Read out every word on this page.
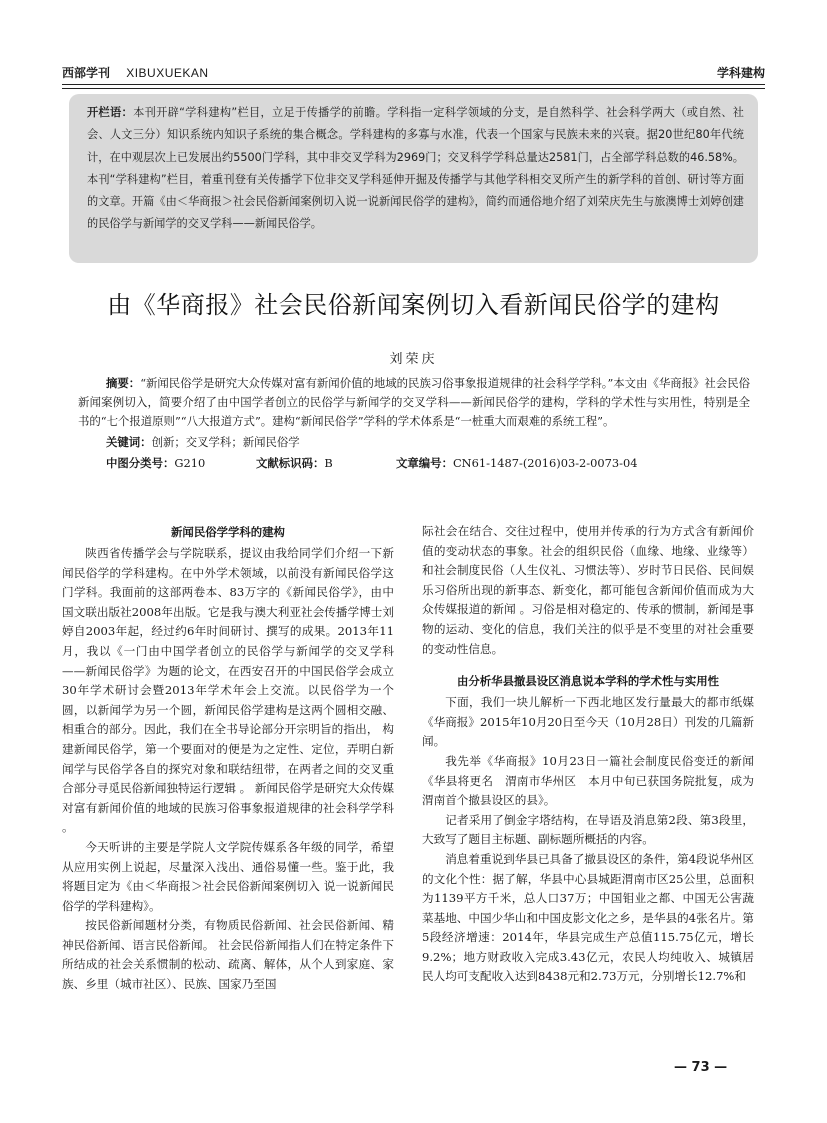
西部学刊 XIBUXUEKAN	学科建构
开栏语：本刊开辟“学科建构”栏目，立足于传播学的前瞻。学科指一定科学领域的分支，是自然科学、社会科学两大（或自然、社会、人文三分）知识系统内知识子系统的集合概念。学科建构的多寡与水准，代表一个国家与民族未来的兴衰。据20世纪80年代统计，在中观层次上已发展出约5500门学科，其中非交叉学科为2969门；交叉科学学科总量达2581门，占全部学科总数的46.58%。本刊“学科建构”栏目，着重刊登有关传播学下位非交叉学科延伸开掘及传播学与其他学科相交叉所产生的新学科的首创、研讨等方面的文章。开篇《由＜华商报＞社会民俗新闻案例切入说一说新闻民俗学的建构》，简约而通俗地介绍了刘荣庆先生与旅澳博士刘婷创建的民俗学与新闻学的交叉学科——新闻民俗学。
由《华商报》社会民俗新闻案例切入看新闻民俗学的建构
刘荣庆
摘要：“新闻民俗学是研究大众传媒对富有新闻价值的地域的民族习俗事象报道规律的社会科学学科。”本文由《华商报》社会民俗新闻案例切入，简要介绍了由中国学者创立的民俗学与新闻学的交叉学科——新闻民俗学的建构，学科的学术性与实用性，特别是全书的“七个报道原则”“八大报道方式”。建构“新闻民俗学”学科的学术体系是“一桩重大而艰难的系统工程”。
关键词：创新；交叉学科；新闻民俗学
中图分类号：G210	文献标识码：B	文章编号：CN61-1487-(2016)03-2-0073-04
新闻民俗学学科的建构

陕西省传播学会与学院联系，提议由我给同学们介绍一下新闻民俗学的学科建构。在中外学术领域，以前没有新闻民俗学这门学科。我面前的这部两卷本、83万字的《新闻民俗学》，由中国文联出版社2008年出版。它是我与澳大利亚社会传播学博士刘婷自2003年起，经过约6年时间研讨、撰写的成果。2013年11月，我以《一门由中国学者创立的民俗学与新闻学的交叉学科——新闻民俗学》为题的论文，在西安召开的中国民俗学会成立30年学术研讨会暨2013年学术年会上交流。以民俗学为一个圆，以新闻学为另一个圆，新闻民俗学建构是这两个圆相交融、相重合的部分。因此，我们在全书导论部分开宗明旨的指出， 构建新闻民俗学，第一个要面对的便是为之定性、定位，弄明白新闻学与民俗学各自的探究对象和联结纽带，在两者之间的交叉重合部分寻觅民俗新闻独特运行逻辑 。 新闻民俗学是研究大众传媒对富有新闻价值的地域的民族习俗事象报道规律的社会科学学科 。

今天听讲的主要是学院人文学院传媒系各年级的同学，希望从应用实例上说起，尽量深入浅出、通俗易懂一些。鉴于此，我将题目定为《由＜华商报＞社会民俗新闻案例切入 说一说新闻民俗学的学科建构》。

按民俗新闻题材分类，有物质民俗新闻、社会民俗新闻、精神民俗新闻、语言民俗新闻。 社会民俗新闻指人们在特定条件下所结成的社会关系惯制的松动、疏离、解体，从个人到家庭、家族、乡里（城市社区）、民族、国家乃至国

际社会在结合、交往过程中，使用并传承的行为方式含有新闻价值的变动状态的事象。社会的组织民俗（血缘、地缘、业缘等）和社会制度民俗（人生仪礼、习惯法等）、岁时节日民俗、民间娱乐习俗所出现的新事态、新变化，都可能包含新闻价值而成为大众传媒报道的新闻 。习俗是相对稳定的、传承的惯制，新闻是事物的运动、变化的信息，我们关注的似乎是不变里的对社会重要的变动性信息。

由分析华县撤县设区消息说本学科的学术性与实用性

下面，我们一块儿解析一下西北地区发行量最大的都市纸媒《华商报》2015年10月20日至今天（10月28日）刊发的几篇新闻。

我先举《华商报》10月23日一篇社会制度民俗变迁的新闻《华县将更名　渭南市华州区　本月中旬已获国务院批复，成为渭南首个撤县设区的县》。

记者采用了倒金字塔结构，在导语及消息第2段、第3段里，大致写了题目主标题、副标题所概括的内容。

消息着重说到华县已具备了撤县设区的条件，第4段说华州区的文化个性：据了解，华县中心县城距渭南市区25公里，总面积为1139平方千米，总人口37万；中国钼业之都、中国无公害蔬菜基地、中国少华山和中国皮影文化之乡，是华县的4张名片。第5段经济增速：2014年，华县完成生产总值115.75亿元，增长9.2%；地方财政收入完成3.43亿元，农民人均纯收入、城镇居民人均可支配收入达到8438元和2.73万元，分别增长12.7%和

— 73 —
